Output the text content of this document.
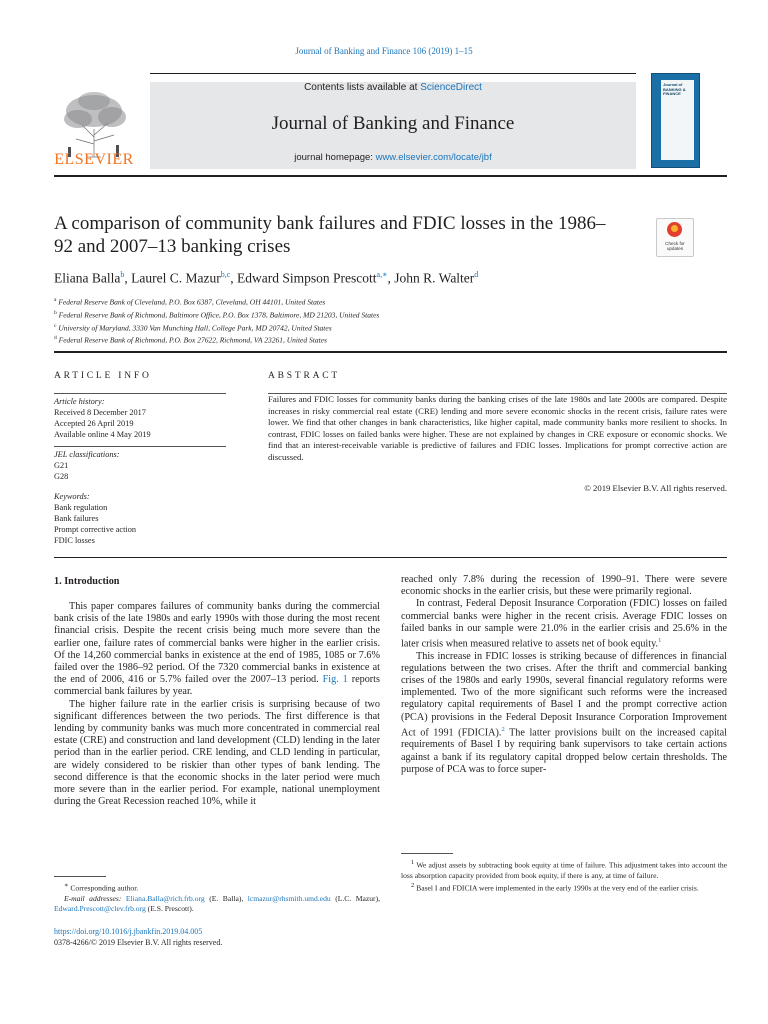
Journal of Banking and Finance 106 (2019) 1–15
ELSEVIER
Contents lists available at ScienceDirect
Journal of Banking and Finance
journal homepage: www.elsevier.com/locate/jbf
Journal of BANKING & FINANCE
A comparison of community bank failures and FDIC losses in the 1986–92 and 2007–13 banking crises	Check for updates
Eliana Balla$^b$, Laurel C. Mazur$^{b,c}$, Edward Simpson Prescott$^{a,∗}$, John R. Walter$^d$
$^a$ Federal Reserve Bank of Cleveland, P.O. Box 6387, Cleveland, OH 44101, United States
$^b$ Federal Reserve Bank of Richmond, Baltimore Office, P.O. Box 1378, Baltimore, MD 21203, United States
$^c$ University of Maryland, 3330 Van Munching Hall, College Park, MD 20742, United States
$^d$ Federal Reserve Bank of Richmond, P.O. Box 27622, Richmond, VA 23261, United States
ARTICLE INFO
Article history:
Received 8 December 2017
Accepted 26 April 2019
Available online 4 May 2019
JEL classifications:
G21
G28
Keywords:
Bank regulation
Bank failures
Prompt corrective action
FDIC losses
ABSTRACT
Failures and FDIC losses for community banks during the banking crises of the late 1980s and late 2000s are compared. Despite increases in risky commercial real estate (CRE) lending and more severe economic shocks in the recent crisis, failure rates were lower. We find that other changes in bank characteristics, like higher capital, made community banks more resilient to shocks. In contrast, FDIC losses on failed banks were higher. These are not explained by changes in CRE exposure or economic shocks. We find that an interest-receivable variable is predictive of failures and FDIC losses. Implications for prompt corrective action are discussed.
© 2019 Elsevier B.V. All rights reserved.
1. Introduction

This paper compares failures of community banks during the commercial bank crisis of the late 1980s and early 1990s with those during the most recent financial crisis. Despite the recent crisis being much more severe than the earlier one, failure rates of commercial banks were higher in the earlier crisis. Of the 14,260 commercial banks in existence at the end of 1985, 1085 or 7.6% failed over the 1986–92 period. Of the 7320 commercial banks in existence at the end of 2006, 416 or 5.7% failed over the 2007–13 period. Fig. 1 reports commercial bank failures by year.

The higher failure rate in the earlier crisis is surprising because of two significant differences between the two periods. The first difference is that lending by community banks was much more concentrated in commercial real estate (CRE) and construction and land development (CLD) lending in the later period than in the earlier period. CRE lending, and CLD lending in particular, are widely considered to be riskier than other types of bank lending. The second difference is that the economic shocks in the later period were much more severe than in the earlier period. For example, national unemployment during the Great Recession reached 10%, while it

reached only 7.8% during the recession of 1990–91. There were severe economic shocks in the earlier crisis, but these were primarily regional.

In contrast, Federal Deposit Insurance Corporation (FDIC) losses on failed commercial banks were higher in the recent crisis. Average FDIC losses on failed banks in our sample were 21.0% in the earlier crisis and 25.6% in the later crisis when measured relative to assets net of book equity.$^1$

This increase in FDIC losses is striking because of differences in financial regulations between the two crises. After the thrift and commercial banking crises of the 1980s and early 1990s, several financial regulatory reforms were implemented. Two of the more significant such reforms were the increased regulatory capital requirements of Basel I and the prompt corrective action (PCA) provisions in the Federal Deposit Insurance Corporation Improvement Act of 1991 (FDICIA).$^2$ The latter provisions built on the increased capital requirements of Basel I by requiring bank supervisors to take certain actions against a bank if its regulatory capital dropped below certain thresholds. The purpose of PCA was to force super-

∗ Corresponding author.
E-mail addresses: Eliana.Balla@rich.frb.org (E. Balla), lcmazur@rhsmith.umd.edu (L.C. Mazur), Edward.Prescott@clev.frb.org (E.S. Prescott).
https://doi.org/10.1016/j.jbankfin.2019.04.005
0378-4266/© 2019 Elsevier B.V. All rights reserved.
$^1$ We adjust assets by subtracting book equity at time of failure. This adjustment takes into account the loss absorption capacity provided from book equity, if there is any, at time of failure.
$^2$ Basel I and FDICIA were implemented in the early 1990s at the very end of the earlier crisis.
